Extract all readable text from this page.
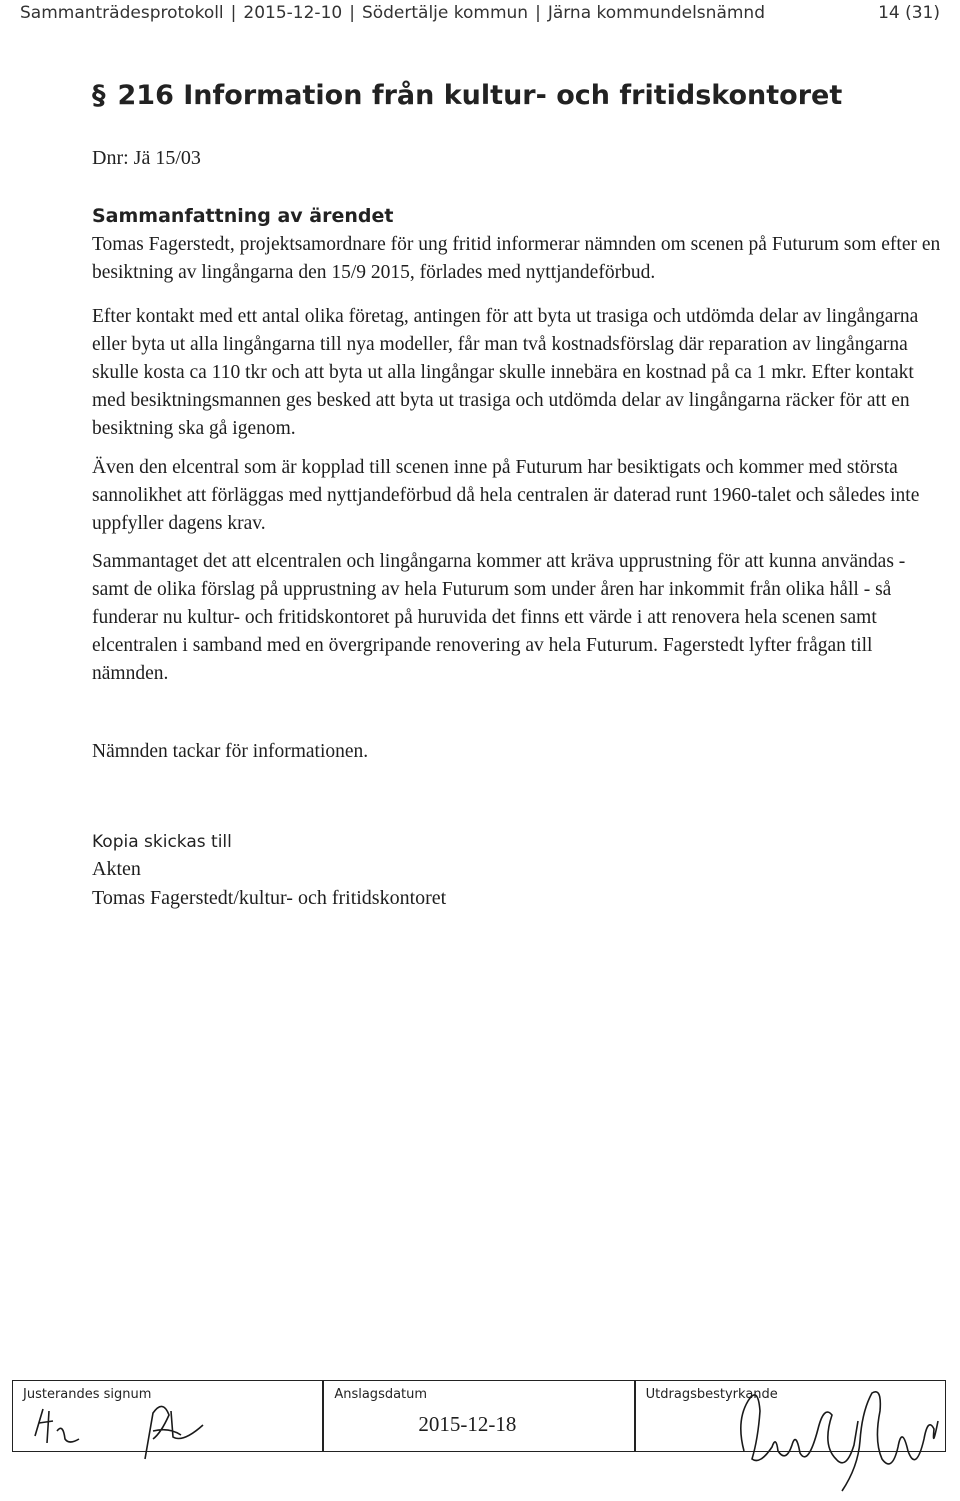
Sammanträdesprotokoll | 2015-12-10 | Södertälje kommun | Järna kommundelsnämnd	14 (31)
§ 216 Information från kultur- och fritidskontoret
Dnr: Jä 15/03
Sammanfattning av ärendet

Tomas Fagerstedt, projektsamordnare för ung fritid informerar nämnden om scenen på Futurum som efter en besiktning av lingångarna den 15/9 2015, förlades med nyttjandeförbud.

Efter kontakt med ett antal olika företag, antingen för att byta ut trasiga och utdömda delar av lingångarna eller byta ut alla lingångarna till nya modeller, får man två kostnadsförslag där reparation av lingångarna skulle kosta ca 110 tkr och att byta ut alla lingångar skulle innebära en kostnad på ca 1 mkr. Efter kontakt med besiktningsmannen ges besked att byta ut trasiga och utdömda delar av lingångarna räcker för att en besiktning ska gå igenom.

Även den elcentral som är kopplad till scenen inne på Futurum har besiktigats och kommer med största sannolikhet att förläggas med nyttjandeförbud då hela centralen är daterad runt 1960-talet och således inte uppfyller dagens krav.

Sammantaget det att elcentralen och lingångarna kommer att kräva upprustning för att kunna användas -samt de olika förslag på upprustning av hela Futurum som under åren har inkommit från olika håll - så funderar nu kultur- och fritidskontoret på huruvida det finns ett värde i att renovera hela scenen samt elcentralen i samband med en övergripande renovering av hela Futurum. Fagerstedt lyfter frågan till nämnden.

Nämnden tackar för informationen.

Kopia skickas till
Akten
Tomas Fagerstedt/kultur- och fritidskontoret
Justerandes signum	Anslagsdatum
2015-12-18
Utdragsbestyrkande
